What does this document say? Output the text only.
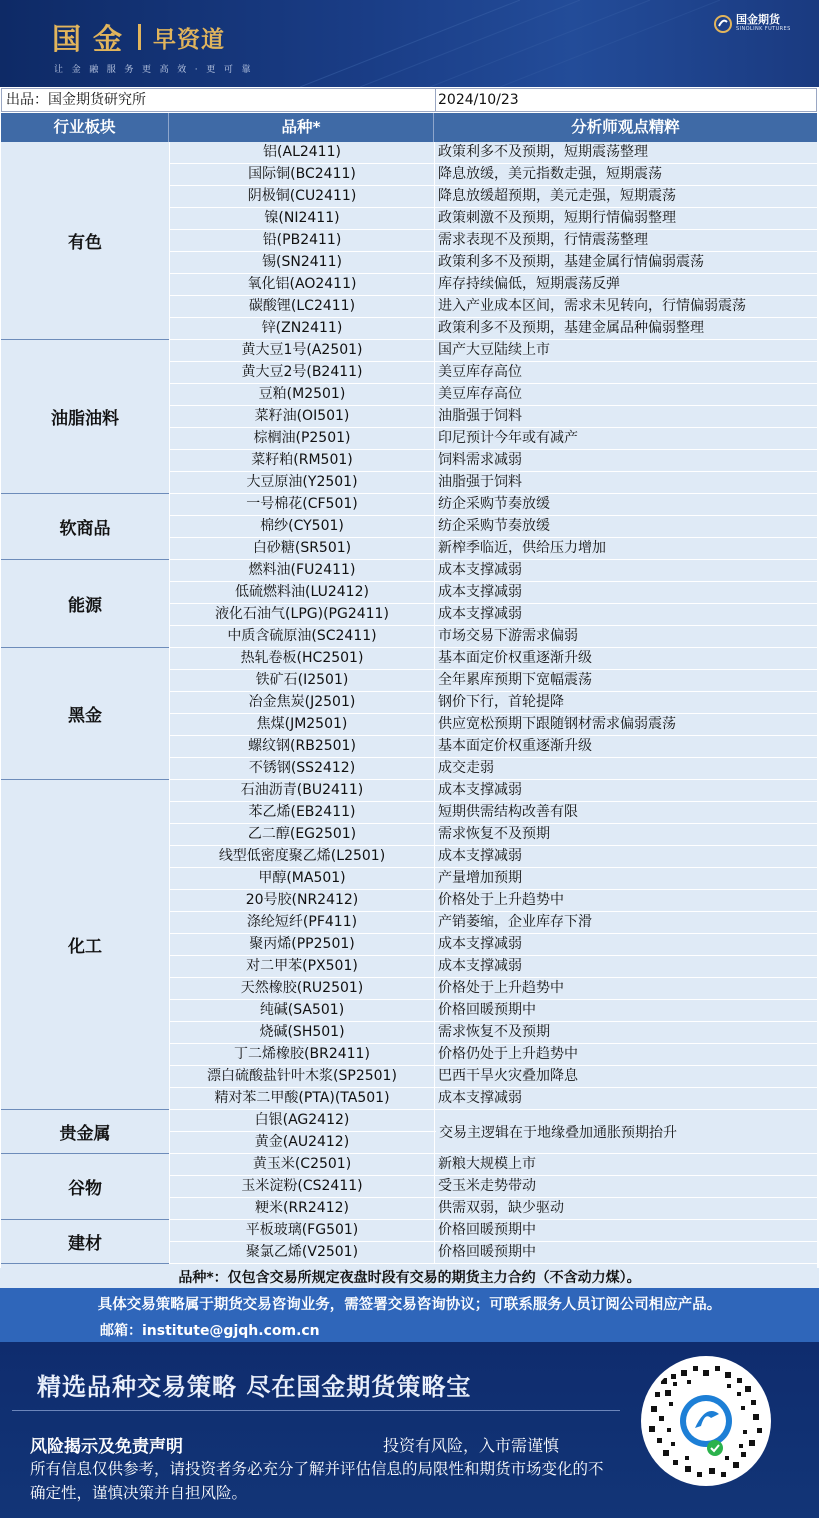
国 金 早资道
让金融服务更高效·更可靠
国金期货
SINOLINK FUTURES
出品：国金期货研究所	2024/10/23
行业板块	品种*	分析师观点精粹
有色
铝(AL2411)	政策利多不及预期，短期震荡整理
国际铜(BC2411)	降息放缓，美元指数走强，短期震荡
阴极铜(CU2411)	降息放缓超预期，美元走强，短期震荡
镍(NI2411)	政策刺激不及预期，短期行情偏弱整理
铅(PB2411)	需求表现不及预期，行情震荡整理
锡(SN2411)	政策利多不及预期，基建金属行情偏弱震荡
氧化铝(AO2411)	库存持续偏低，短期震荡反弹
碳酸锂(LC2411)	进入产业成本区间，需求未见转向，行情偏弱震荡
锌(ZN2411)	政策利多不及预期，基建金属品种偏弱整理
油脂油料
黄大豆1号(A2501)	国产大豆陆续上市
黄大豆2号(B2411)	美豆库存高位
豆粕(M2501)	美豆库存高位
菜籽油(OI501)	油脂强于饲料
棕榈油(P2501)	印尼预计今年或有减产
菜籽粕(RM501)	饲料需求减弱
大豆原油(Y2501)	油脂强于饲料
软商品
一号棉花(CF501)	纺企采购节奏放缓
棉纱(CY501)	纺企采购节奏放缓
白砂糖(SR501)	新榨季临近，供给压力增加
能源
燃料油(FU2411)	成本支撑减弱
低硫燃料油(LU2412)	成本支撑减弱
液化石油气(LPG)(PG2411)	成本支撑减弱
中质含硫原油(SC2411)	市场交易下游需求偏弱
黑金
热轧卷板(HC2501)	基本面定价权重逐渐升级
铁矿石(I2501)	全年累库预期下宽幅震荡
冶金焦炭(J2501)	钢价下行，首轮提降
焦煤(JM2501)	供应宽松预期下跟随钢材需求偏弱震荡
螺纹钢(RB2501)	基本面定价权重逐渐升级
不锈钢(SS2412)	成交走弱
化工
石油沥青(BU2411)	成本支撑减弱
苯乙烯(EB2411)	短期供需结构改善有限
乙二醇(EG2501)	需求恢复不及预期
线型低密度聚乙烯(L2501)	成本支撑减弱
甲醇(MA501)	产量增加预期
20号胶(NR2412)	价格处于上升趋势中
涤纶短纤(PF411)	产销萎缩，企业库存下滑
聚丙烯(PP2501)	成本支撑减弱
对二甲苯(PX501)	成本支撑减弱
天然橡胶(RU2501)	价格处于上升趋势中
纯碱(SA501)	价格回暖预期中
烧碱(SH501)	需求恢复不及预期
丁二烯橡胶(BR2411)	价格仍处于上升趋势中
漂白硫酸盐针叶木浆(SP2501)	巴西干旱火灾叠加降息
精对苯二甲酸(PTA)(TA501)	成本支撑减弱
贵金属
白银(AG2412)
黄金(AU2412)
交易主逻辑在于地缘叠加通胀预期抬升
谷物
黄玉米(C2501)	新粮大规模上市
玉米淀粉(CS2411)	受玉米走势带动
粳米(RR2412)	供需双弱，缺少驱动
建材
平板玻璃(FG501)	价格回暖预期中
聚氯乙烯(V2501)	价格回暖预期中
品种*：仅包含交易所规定夜盘时段有交易的期货主力合约（不含动力煤）。
具体交易策略属于期货交易咨询业务，需签署交易咨询协议；可联系服务人员订阅公司相应产品。
邮箱：institute@gjqh.com.cn
精选品种交易策略 尽在国金期货策略宝
风险揭示及免责声明	投资有风险，入市需谨慎
所有信息仅供参考，请投资者务必充分了解并评估信息的局限性和期货市场变化的不确定性，谨慎决策并自担风险。
